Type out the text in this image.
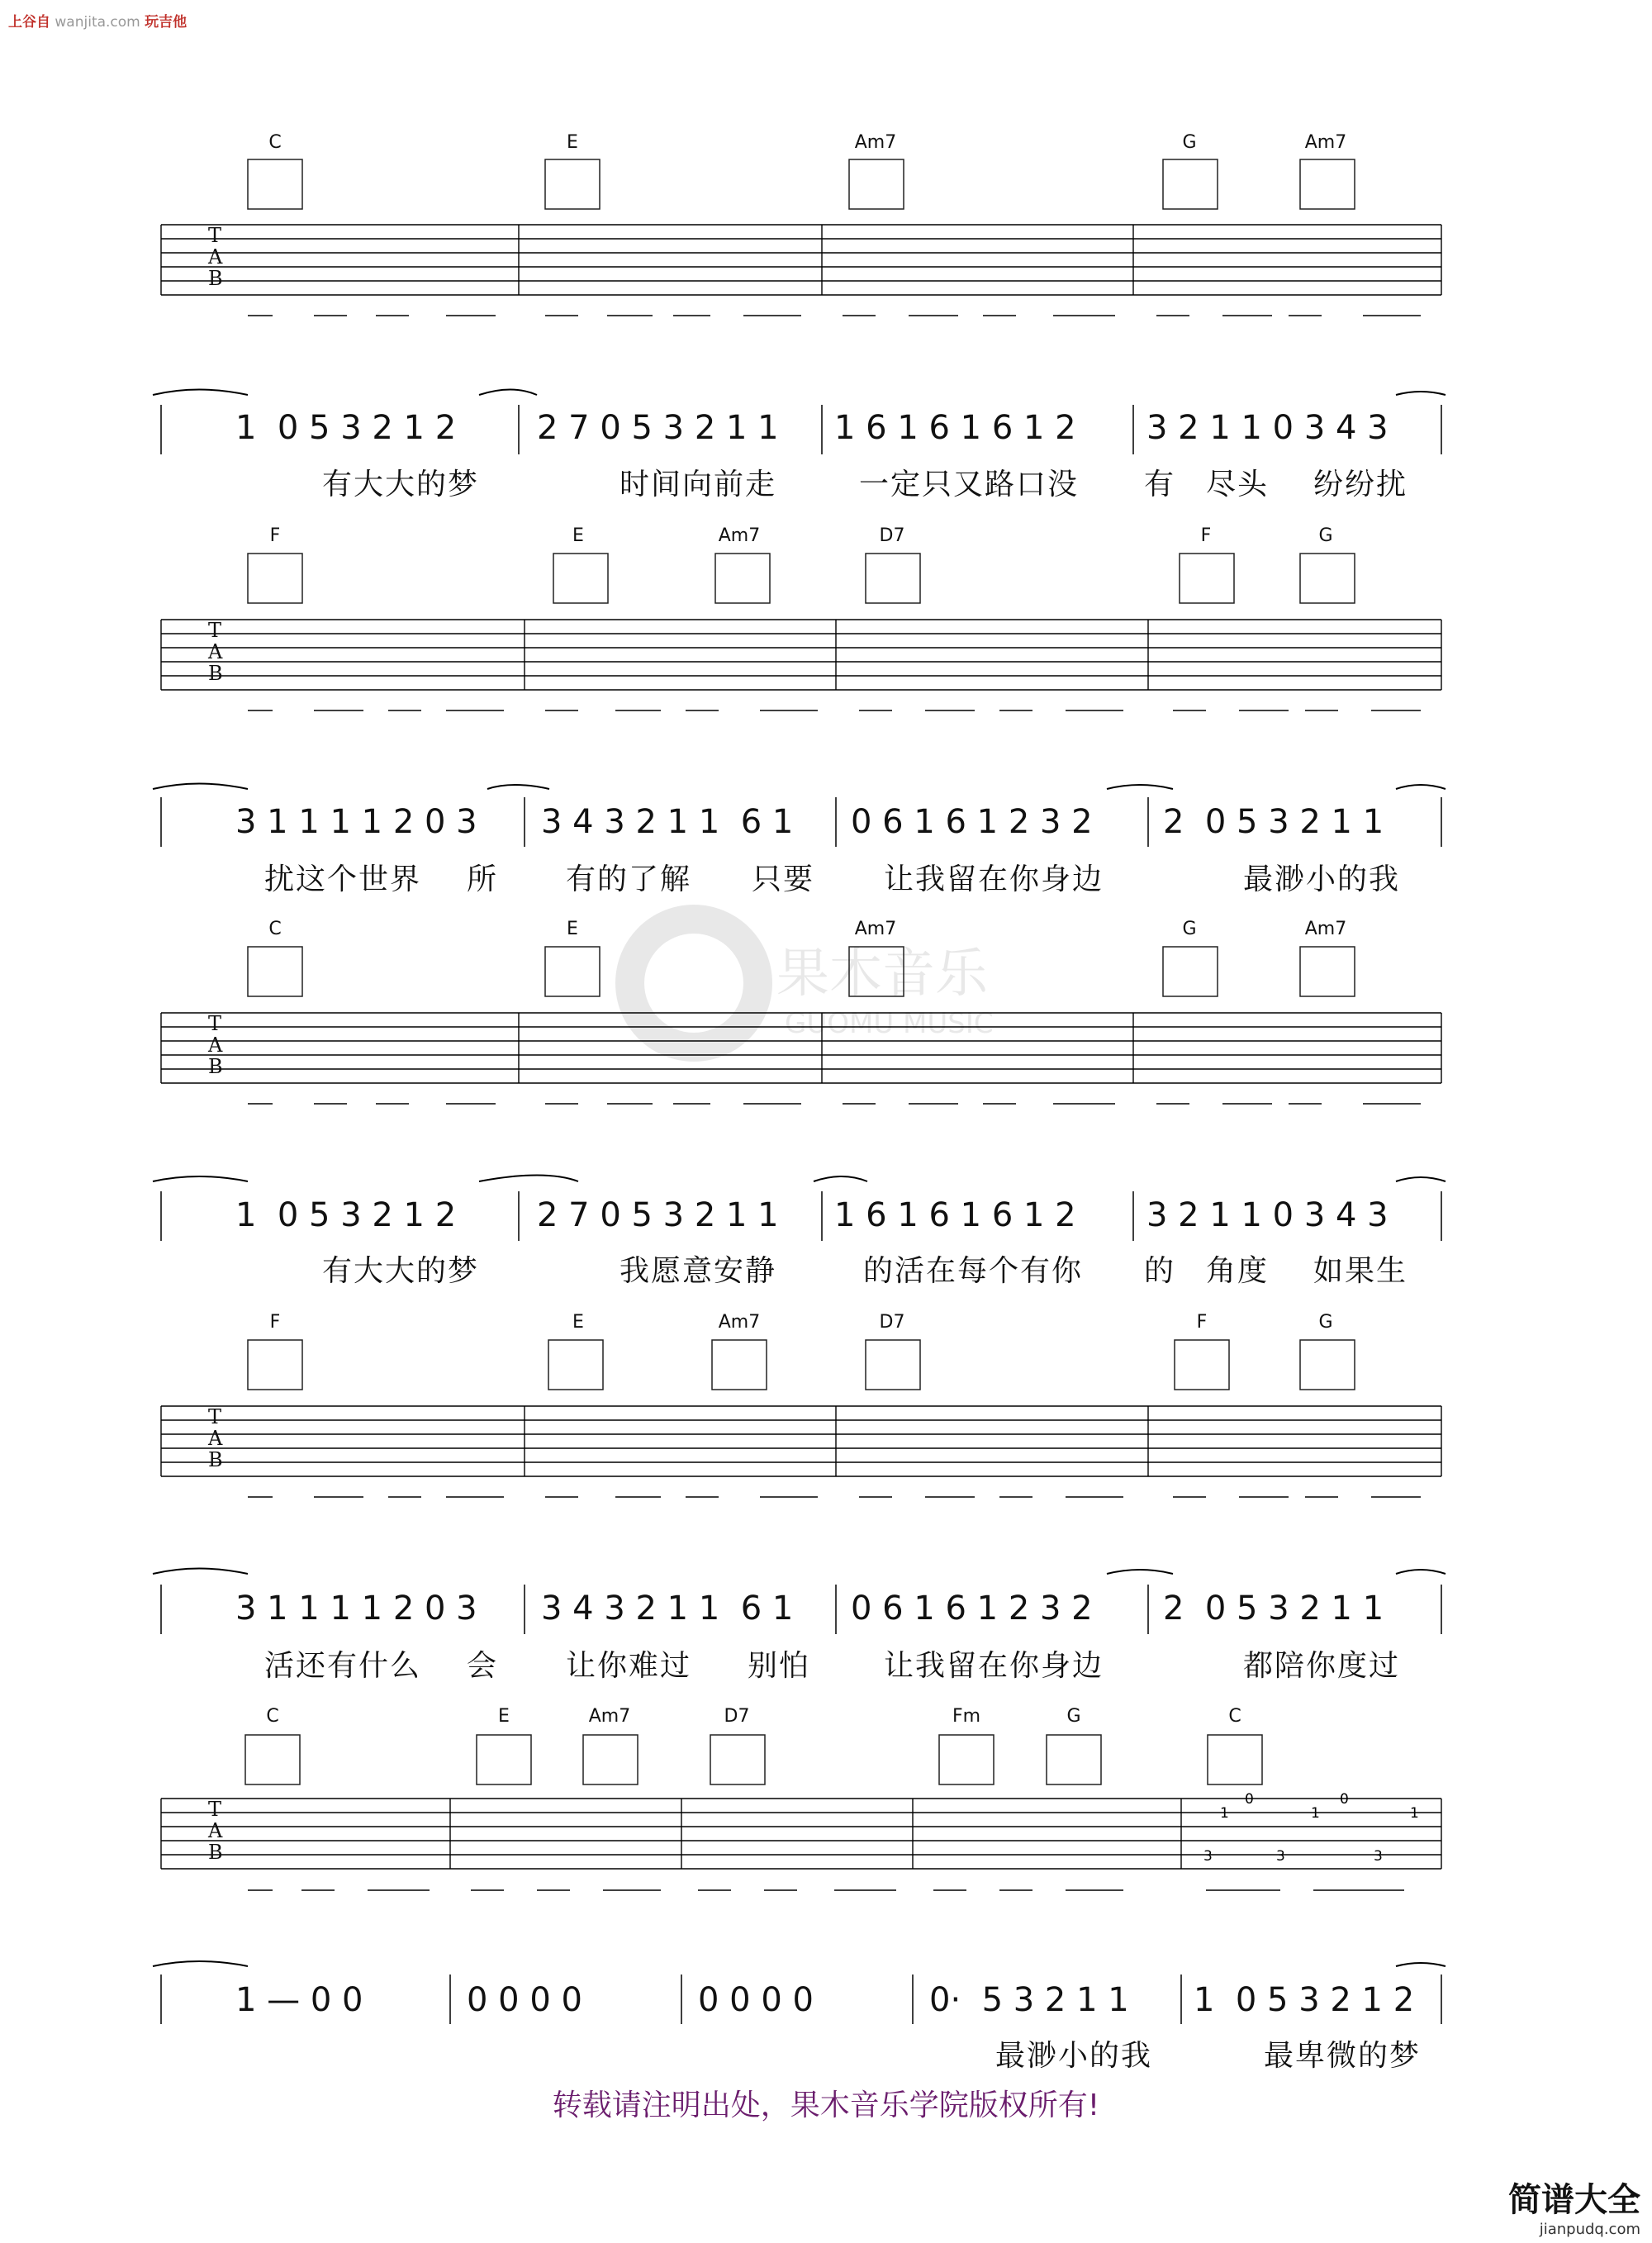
上谷自 wanjita.com 玩吉他
果木音乐
GUOMU MUSIC
C	E	Am7	G	Am7
T
A
B
1  0 5 3 2 1 2 2 7 0 5 3 2 1 1 1 6 1 6 1 6 1 2 3 2 1 1 0 3 4 3
有大大的梦	时间向前走	一定只又路口没 有 尽头 纷纷扰
F	E	Am7	D7	F	G
T
A
B
3 1 1 1 1 2 0 3 3 4 3 2 1 1  6 1 0 6 1 6 1 2 3 2 2  0 5 3 2 1 1
扰这个世界 所 有的了解 只要 让我留在你身边	最渺小的我
C	E	Am7	G	Am7
T
A
B
1  0 5 3 2 1 2 2 7 0 5 3 2 1 1 1 6 1 6 1 6 1 2 3 2 1 1 0 3 4 3
有大大的梦	我愿意安静	的活在每个有你 的 角度 如果生
F	E	Am7	D7	F	G
T
A
B
3 1 1 1 1 2 0 3 3 4 3 2 1 1  6 1 0 6 1 6 1 2 3 2 2  0 5 3 2 1 1
活还有什么 会 让你难过 别怕 让我留在你身边	都陪你度过
C	E	Am7	D7	Fm	G	C
1
0
1
0
1
3	3	3
T
A
B
1 — 0 0	0 0 0 0	0 0 0 0	0·  5 3 2 1 1 1  0 5 3 2 1 2
最渺小的我	最卑微的梦
转载请注明出处，果木音乐学院版权所有!
简谱大全
jianpudq.com
